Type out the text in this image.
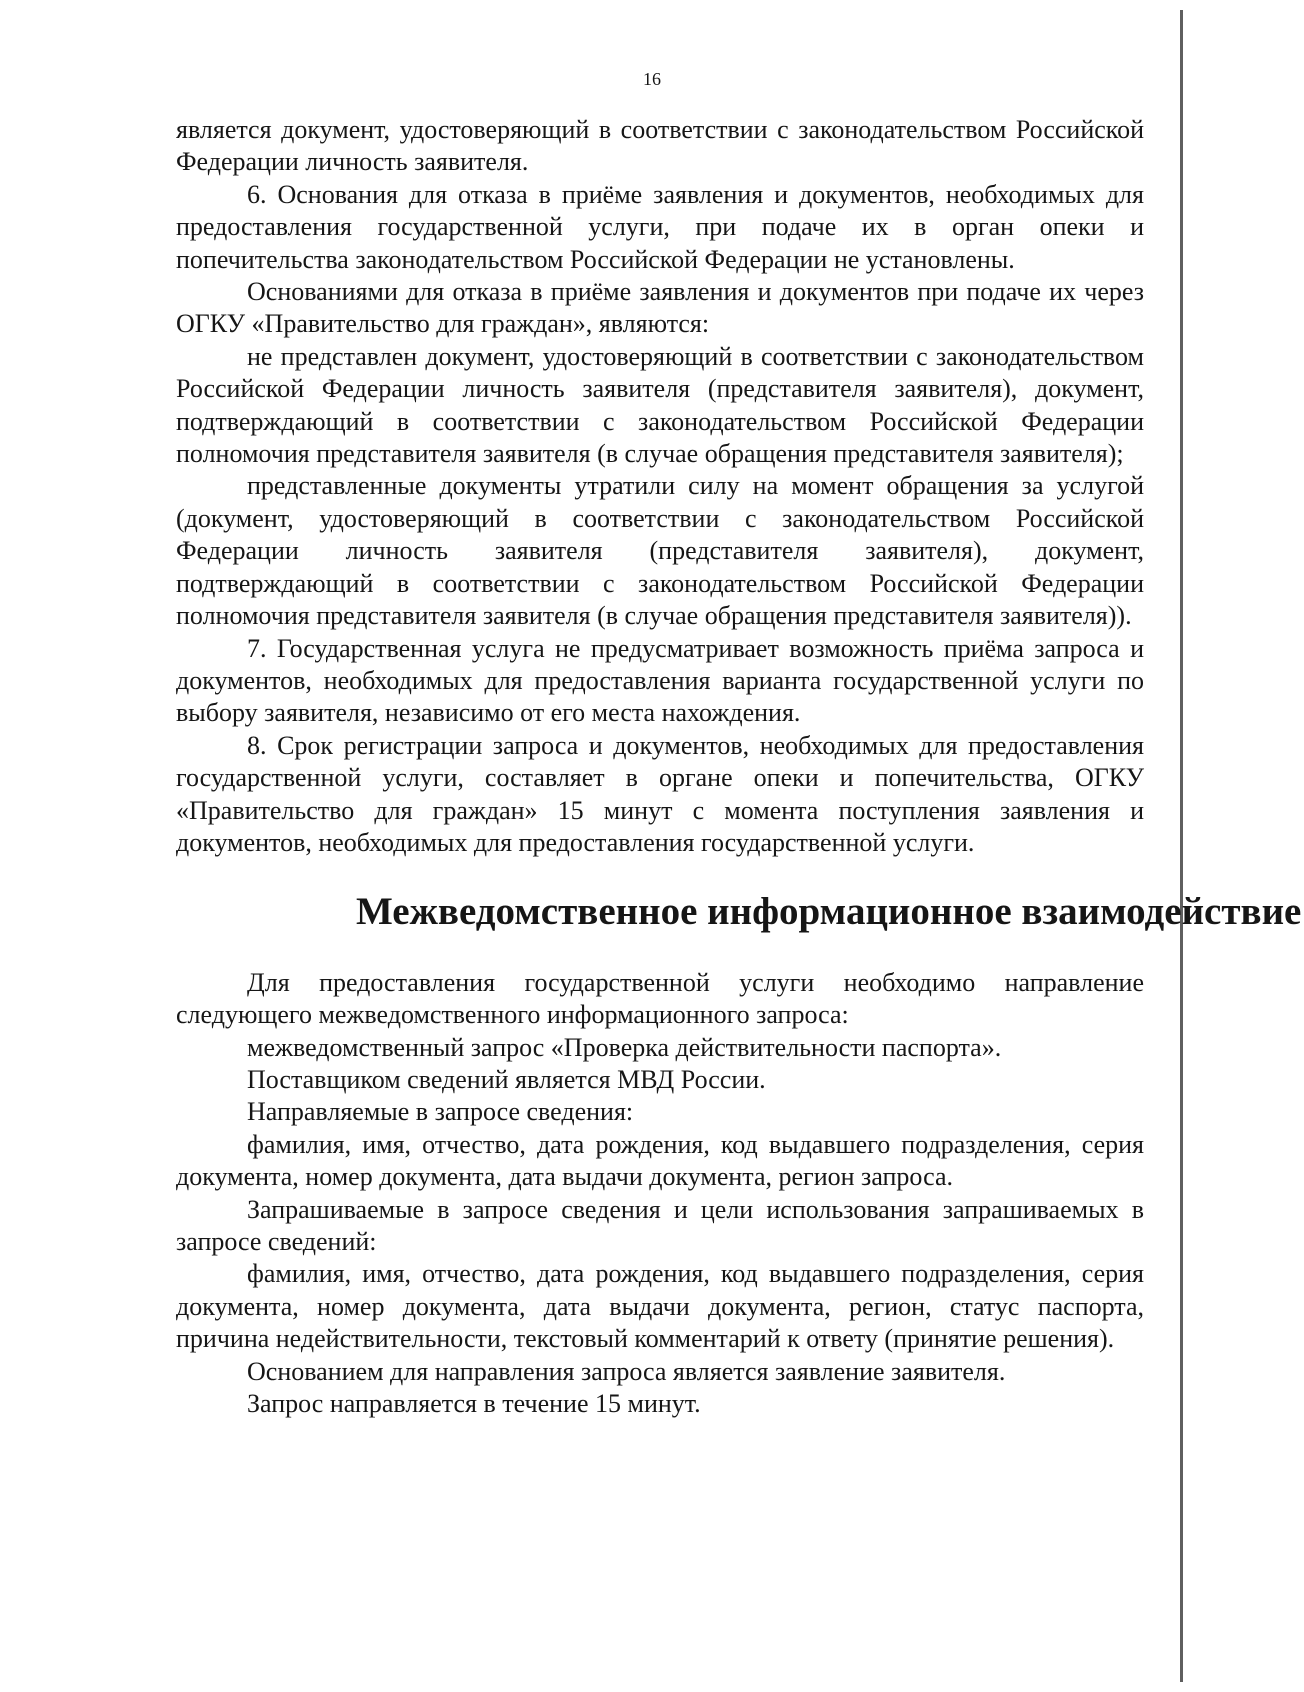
16

является документ, удостоверяющий в соответствии с законодательством Российской Федерации личность заявителя.

6. Основания для отказа в приёме заявления и документов, необходимых для предоставления государственной услуги, при подаче их в орган опеки и попечительства законодательством Российской Федерации не установлены.

Основаниями для отказа в приёме заявления и документов при подаче их через ОГКУ «Правительство для граждан», являются:

не представлен документ, удостоверяющий в соответствии с законодательством Российской Федерации личность заявителя (представителя заявителя), документ, подтверждающий в соответствии с законодательством Российской Федерации полномочия представителя заявителя (в случае обращения представителя заявителя);

представленные документы утратили силу на момент обращения за услугой (документ, удостоверяющий в соответствии с законодательством Российской Федерации личность заявителя (представителя заявителя), документ, подтверждающий в соответствии с законодательством Российской Федерации полномочия представителя заявителя (в случае обращения представителя заявителя)).

7. Государственная услуга не предусматривает возможность приёма запроса и документов, необходимых для предоставления варианта государственной услуги по выбору заявителя, независимо от его места нахождения.

8. Срок регистрации запроса и документов, необходимых для предоставления государственной услуги, составляет в органе опеки и попечительства, ОГКУ «Правительство для граждан» 15 минут с момента поступления заявления и документов, необходимых для предоставления государственной услуги.

Межведомственное информационное взаимодействие

Для предоставления государственной услуги необходимо направление следующего межведомственного информационного запроса:

межведомственный запрос «Проверка действительности паспорта».

Поставщиком сведений является МВД России.

Направляемые в запросе сведения:

фамилия, имя, отчество, дата рождения, код выдавшего подразделения, серия документа, номер документа, дата выдачи документа, регион запроса.

Запрашиваемые в запросе сведения и цели использования запрашиваемых в запросе сведений:

фамилия, имя, отчество, дата рождения, код выдавшего подразделения, серия документа, номер документа, дата выдачи документа, регион, статус паспорта, причина недействительности, текстовый комментарий к ответу (принятие решения).

Основанием для направления запроса является заявление заявителя.

Запрос направляется в течение 15 минут.
